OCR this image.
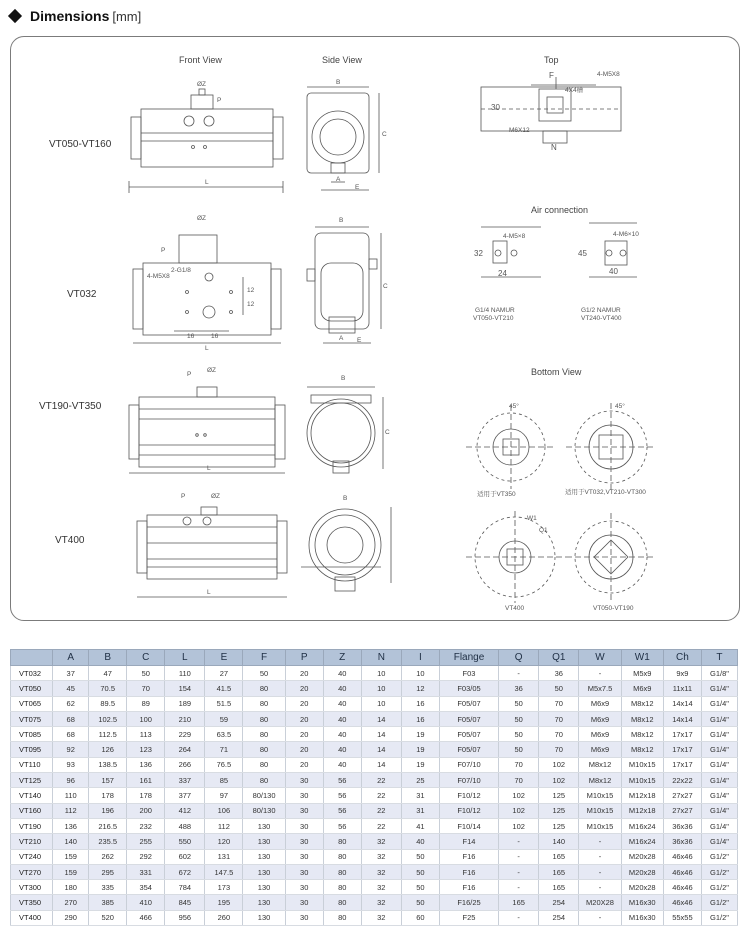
Dimensions [mm]
Front View	Side View	Top
Air connection
Bottom View
VT050-VT160
VT032
VT190-VT350
VT400
ØZ
P
L
B
C
A
E
F	4-M5X8
4X4槽
M6X12
30
N
ØZ
P
2-G1/8
4-M5X8
12
12
16	16
L
B
C
A E
4-M5×8	4-M6×10
32
24
45
40
G1/4 NAMUR
VT050-VT210
G1/2 NAMUR
VT240-VT400
ØZ
P
L
B
C
45°	45°
适用于VT350	适用于VT032,VT210-VT300
P	ØZ
L
B
W1
Q1
VT400	VT050-VT190
	A	B	C	L	E	F	P	Z	N	I	Flange	Q	Q1	W	W1	Ch	T
VT032	37	47	50	110	27	50	20	40	10	10	F03	-	36	-	M5x9	9x9	G1/8"
VT050	45	70.5	70	154	41.5	80	20	40	10	12	F03/05	36	50	M5x7.5	M6x9	11x11	G1/4"
VT065	62	89.5	89	189	51.5	80	20	40	10	16	F05/07	50	70	M6x9	M8x12	14x14	G1/4"
VT075	68	102.5	100	210	59	80	20	40	14	16	F05/07	50	70	M6x9	M8x12	14x14	G1/4"
VT085	68	112.5	113	229	63.5	80	20	40	14	19	F05/07	50	70	M6x9	M8x12	17x17	G1/4"
VT095	92	126	123	264	71	80	20	40	14	19	F05/07	50	70	M6x9	M8x12	17x17	G1/4"
VT110	93	138.5	136	266	76.5	80	20	40	14	19	F07/10	70	102	M8x12	M10x15	17x17	G1/4"
VT125	96	157	161	337	85	80	30	56	22	25	F07/10	70	102	M8x12	M10x15	22x22	G1/4"
VT140	110	178	178	377	97	80/130	30	56	22	31	F10/12	102	125	M10x15	M12x18	27x27	G1/4"
VT160	112	196	200	412	106	80/130	30	56	22	31	F10/12	102	125	M10x15	M12x18	27x27	G1/4"
VT190	136	216.5	232	488	112	130	30	56	22	41	F10/14	102	125	M10x15	M16x24	36x36	G1/4"
VT210	140	235.5	255	550	120	130	30	80	32	40	F14	-	140	-	M16x24	36x36	G1/4"
VT240	159	262	292	602	131	130	30	80	32	50	F16	-	165	-	M20x28	46x46	G1/2"
VT270	159	295	331	672	147.5	130	30	80	32	50	F16	-	165	-	M20x28	46x46	G1/2"
VT300	180	335	354	784	173	130	30	80	32	50	F16	-	165	-	M20x28	46x46	G1/2"
VT350	270	385	410	845	195	130	30	80	32	50	F16/25	165	254	M20X28	M16x30	46x46	G1/2"
VT400	290	520	466	956	260	130	30	80	32	60	F25	-	254	-	M16x30	55x55	G1/2"
